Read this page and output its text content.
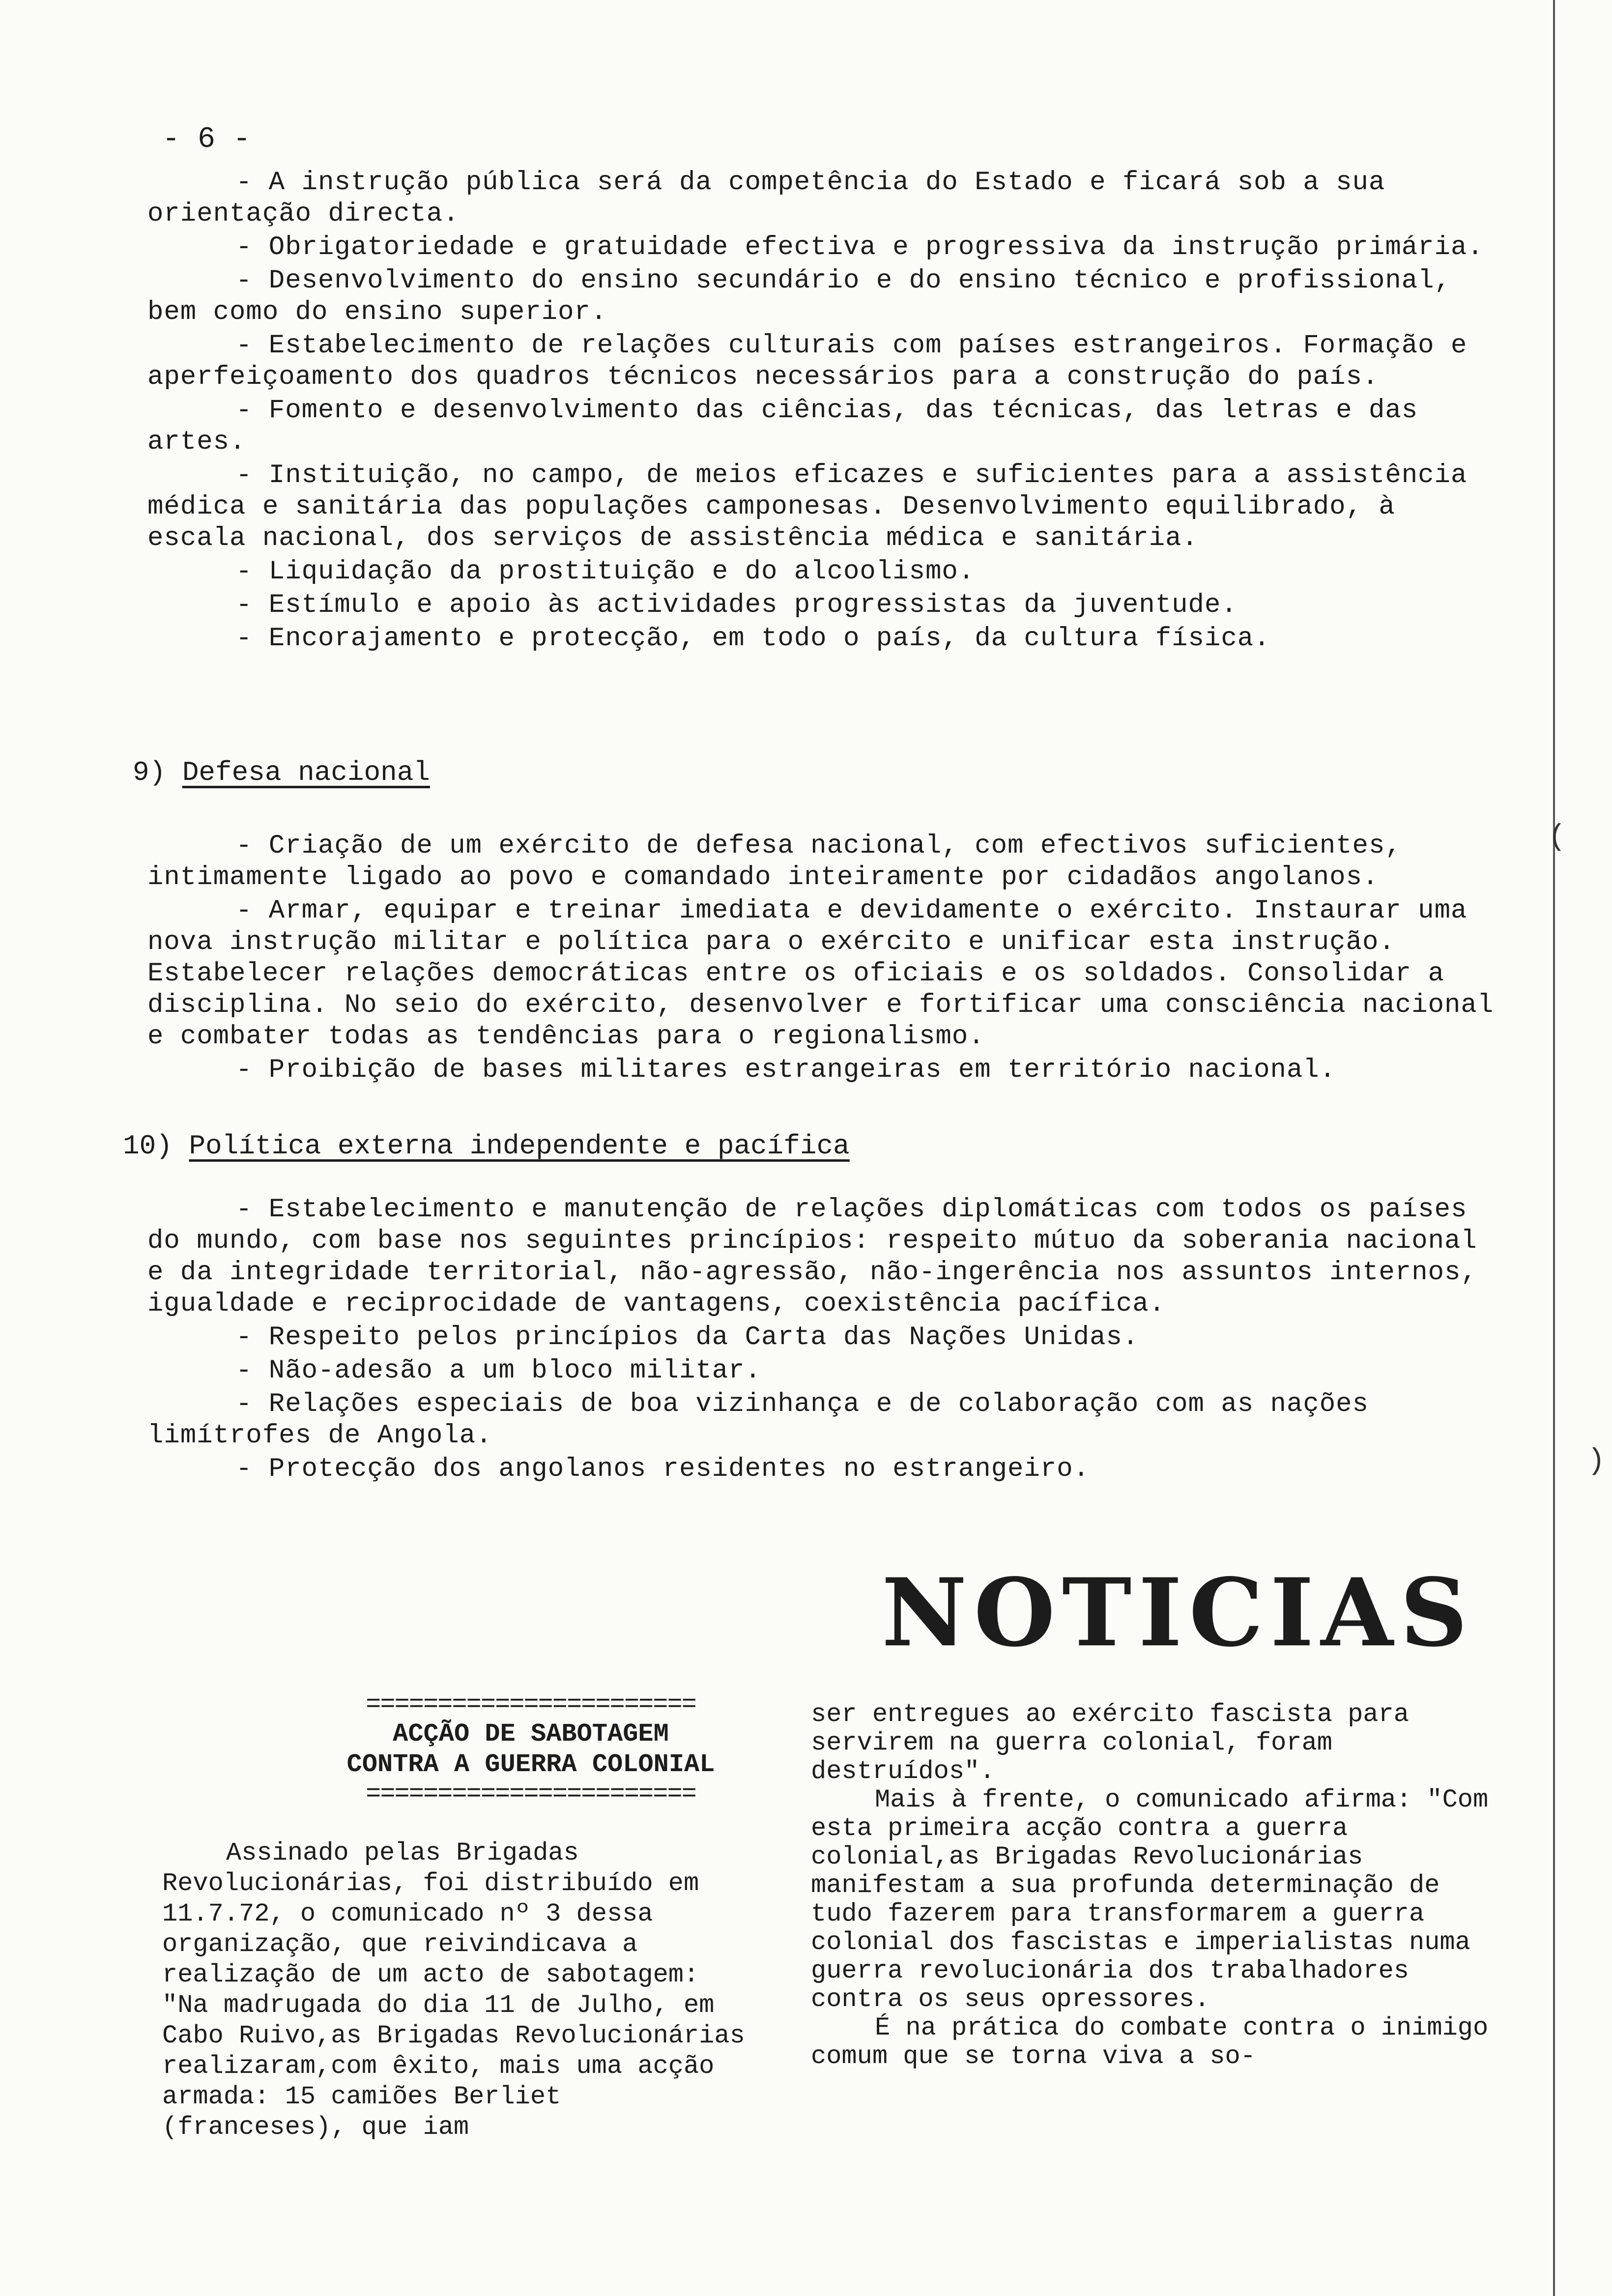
(
)
- 6 -

- A instrução pública será da competência do Estado e ficará sob a sua orientação directa.

- Obrigatoriedade e gratuidade efectiva e progressiva da instrução primária.

- Desenvolvimento do ensino secundário e do ensino técnico e profissional, bem como do ensino superior.

- Estabelecimento de relações culturais com países estrangeiros. Formação e aperfeiçoamento dos quadros técnicos necessários para a construção do país.

- Fomento e desenvolvimento das ciências, das técnicas, das letras e das artes.

- Instituição, no campo, de meios eficazes e suficientes para a assistência médica e sanitária das populações camponesas. Desenvolvimento equilibrado, à escala nacional, dos serviços de assistência médica e sanitária.

- Liquidação da prostituição e do alcoolismo.

- Estímulo e apoio às actividades progressistas da juventude.

- Encorajamento e protecção, em todo o país, da cultura física.

9) Defesa nacional

- Criação de um exército de defesa nacional, com efectivos suficientes, intimamente ligado ao povo e comandado inteiramente por cidadãos angolanos.

- Armar, equipar e treinar imediata e devidamente o exército. Instaurar uma nova instrução militar e política para o exército e unificar esta instrução. Estabelecer relações democráticas entre os oficiais e os soldados. Consolidar a disciplina. No seio do exército, desenvolver e fortificar uma consciência nacional e combater todas as tendências para o regionalismo.

- Proibição de bases militares estrangeiras em território nacional.

10) Política externa independente e pacífica

- Estabelecimento e manutenção de relações diplomáticas com todos os países do mundo, com base nos seguintes princípios: respeito mútuo da soberania nacional e da integridade territorial, não-agressão, não-ingerência nos assuntos internos, igualdade e reciprocidade de vantagens, coexistência pacífica.

- Respeito pelos princípios da Carta das Nações Unidas.

- Não-adesão a um bloco militar.

- Relações especiais de boa vizinhança e de colaboração com as nações limítrofes de Angola.

- Protecção dos angolanos residentes no estrangeiro.

NOTICIAS
=======================
ACÇÃO DE SABOTAGEM
CONTRA A GUERRA COLONIAL
=======================

Assinado pelas Brigadas Revolucionárias, foi distribuído em 11.7.72, o comunicado nº 3 dessa organização, que reivindicava a realização de um acto de sabotagem: "Na madrugada do dia 11 de Julho, em Cabo Ruivo,as Brigadas Revolucionárias realizaram,com êxito, mais uma acção armada: 15 camiões Berliet (franceses), que iam

ser entregues ao exército fascista para servirem na guerra colonial, foram destruídos".

Mais à frente, o comunicado afirma: "Com esta primeira acção contra a guerra colonial,as Brigadas Revolucionárias manifestam a sua profunda determinação de tudo fazerem para transformarem a guerra colonial dos fascistas e imperialistas numa guerra revolucionária dos trabalhadores contra os seus opressores.

É na prática do combate contra o inimigo comum que se torna viva a so-
